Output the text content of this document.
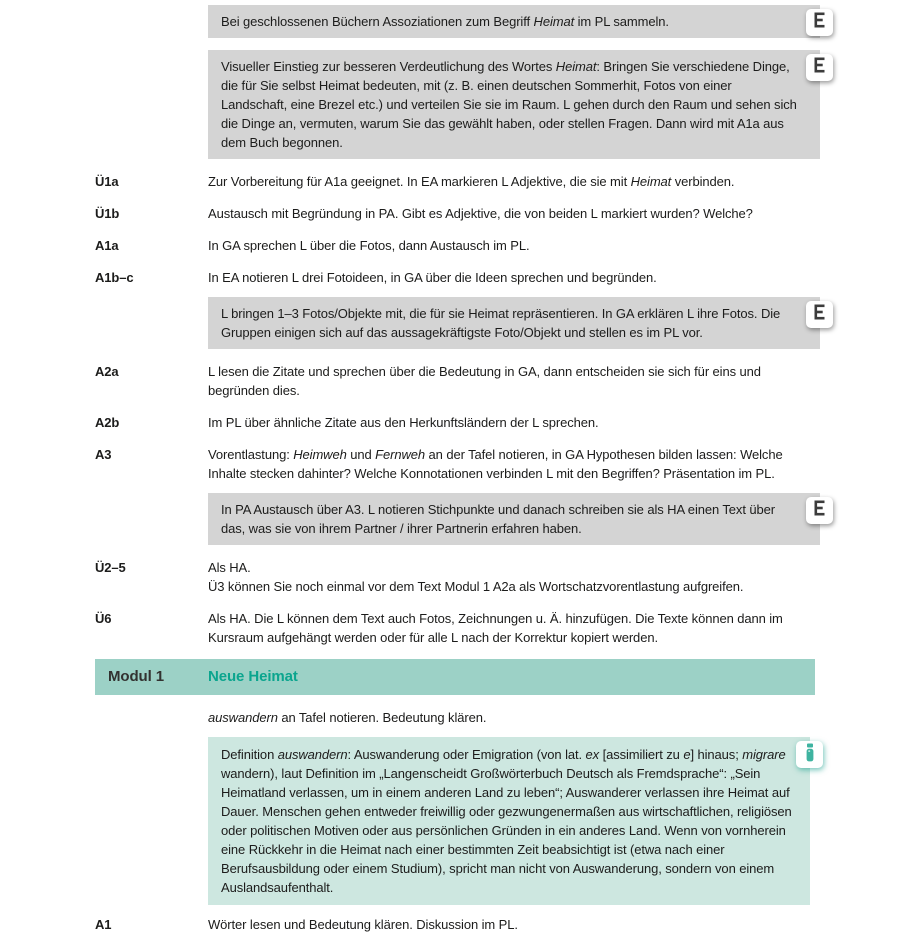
Bei geschlossenen Büchern Assoziationen zum Begriff Heimat im PL sammeln.
Visueller Einstieg zur besseren Verdeutlichung des Wortes Heimat: Bringen Sie verschiedene Dinge, die für Sie selbst Heimat bedeuten, mit (z. B. einen deutschen Sommerhit, Fotos von einer Landschaft, eine Brezel etc.) und verteilen Sie sie im Raum. L gehen durch den Raum und sehen sich die Dinge an, vermuten, warum Sie das gewählt haben, oder stellen Fragen. Dann wird mit A1a aus dem Buch begonnen.
Ü1a	Zur Vorbereitung für A1a geeignet. In EA markieren L Adjektive, die sie mit Heimat verbinden.
Ü1b	Austausch mit Begründung in PA. Gibt es Adjektive, die von beiden L markiert wurden? Welche?
A1a	In GA sprechen L über die Fotos, dann Austausch im PL.
A1b–c	In EA notieren L drei Fotoideen, in GA über die Ideen sprechen und begründen.
L bringen 1–3 Fotos/Objekte mit, die für sie Heimat repräsentieren. In GA erklären L ihre Fotos. Die Gruppen einigen sich auf das aussagekräftigste Foto/Objekt und stellen es im PL vor.
A2a	L lesen die Zitate und sprechen über die Bedeutung in GA, dann entscheiden sie sich für eins und begründen dies.
A2b	Im PL über ähnliche Zitate aus den Herkunftsländern der L sprechen.
A3	Vorentlastung: Heimweh und Fernweh an der Tafel notieren, in GA Hypothesen bilden lassen: Welche Inhalte stecken dahinter? Welche Konnotationen verbinden L mit den Begriffen? Präsentation im PL.
In PA Austausch über A3. L notieren Stichpunkte und danach schreiben sie als HA einen Text über das, was sie von ihrem Partner / ihrer Partnerin erfahren haben.
Ü2–5	Als HA.
Ü3 können Sie noch einmal vor dem Text Modul 1 A2a als Wortschatzvorentlastung aufgreifen.
Ü6	Als HA. Die L können dem Text auch Fotos, Zeichnungen u. Ä. hinzufügen. Die Texte können dann im Kursraum aufgehängt werden oder für alle L nach der Korrektur kopiert werden.
Modul 1	Neue Heimat
auswandern an Tafel notieren. Bedeutung klären.
Definition auswandern: Auswanderung oder Emigration (von lat. ex [assimiliert zu e] hinaus; migrare wandern), laut Definition im „Langenscheidt Großwörterbuch Deutsch als Fremdsprache“: „Sein Heimatland verlassen, um in einem anderen Land zu leben“; Auswanderer verlassen ihre Heimat auf Dauer. Menschen gehen entweder freiwillig oder gezwungenermaßen aus wirtschaftlichen, religiösen oder politischen Motiven oder aus persönlichen Gründen in ein anderes Land. Wenn von vornherein eine Rückkehr in die Heimat nach einer bestimmten Zeit beabsichtigt ist (etwa nach einer Berufsausbildung oder einem Studium), spricht man nicht von Auswanderung, sondern von einem Auslandsaufenthalt.
A1	Wörter lesen und Bedeutung klären. Diskussion im PL.
